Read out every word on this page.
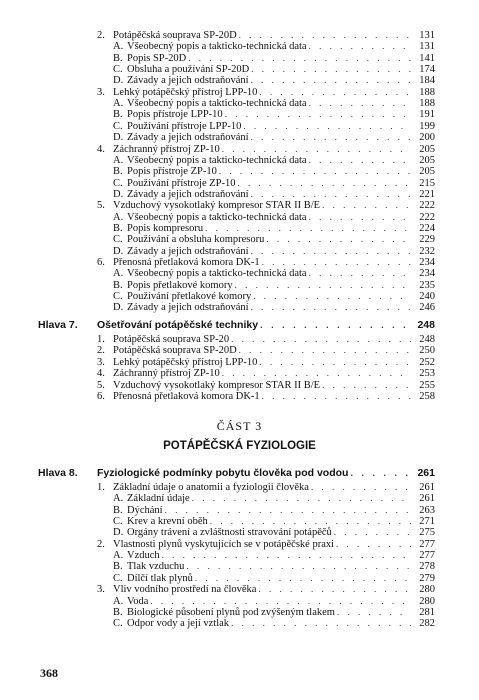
2. Potápěčská souprava SP-20D . . .	131
A. Všeobecný popis a takticko-technická data . . .	131
B. Popis SP-20D . . .	141
C. Obsluha a používání SP-20D . . .	174
D. Závady a jejich odstraňování . . .	184
3. Lehký potápěčský přístroj LPP-10 . . .	188
A. Všeobecný popis a takticko-technická data . . .	188
B. Popis přístroje LPP-10 . . .	191
C. Používání přístroje LPP-10 . . .	199
D. Závady a jejich odstraňování . . .	200
4. Záchranný přístroj ZP-10 . . .	205
A. Všeobecný popis a takticko-technická data . . .	205
B. Popis přístroje ZP-10 . . .	205
C. Používání přístroje ZP-10 . . .	215
D. Závady a jejich odstraňování . . .	221
5. Vzduchový vysokotlaký kompresor STAR II B/E . . .	222
A. Všeobecný popis a takticko-technická data . . .	222
B. Popis kompresoru . . .	224
C. Používání a obsluha kompresoru . . .	229
D. Závady a jejich odstraňování . . .	232
6. Přenosná přetlaková komora DK-1 . . .	234
A. Všeobecný popis a takticko-technická data . . .	234
B. Popis přetlakové komory . . .	235
C. Používání přetlakové komory . . .	240
D. Závady a jejich odstraňování . . .	246
Hlava 7.	Ošetřování potápěčské techniky . . .	248
1. Potápěčská souprava SP-20 . . .	248
2. Potápěčská souprava SP-20D . . .	250
3. Lehký potápěčský přístroj LPP-10 . . .	252
4. Záchranný přístroj ZP-10 . . .	253
5. Vzduchový vysokotlaký kompresor STAR II B/E . . .	255
6. Přenosná přetlaková komora DK-1 . . .	258
Hlava 8.	Fyziologické podmínky pobytu člověka pod vodou . . .	261
1. Základní údaje o anatomii a fyziologii člověka . . .	261
A. Základní údaje . . .	261
B. Dýchání . . .	263
C. Krev a krevní oběh . . .	271
D. Orgány trávení a zvláštnosti stravování potápěčů . . .	275
2. Vlastnosti plynů vyskytujících se v potápěčské praxi . . .	277
A. Vzduch . . .	277
B. Tlak vzduchu . . .	278
C. Dílčí tlak plynů . . .	279
3. Vliv vodního prostředí na člověka . . .	280
A. Voda . . .	280
B. Biologické působení plynů pod zvýšeným tlakem . . .	281
C. Odpor vody a její vztlak . . .	282
ČÁST 3
POTÁPĚČSKÁ FYZIOLOGIE
368
